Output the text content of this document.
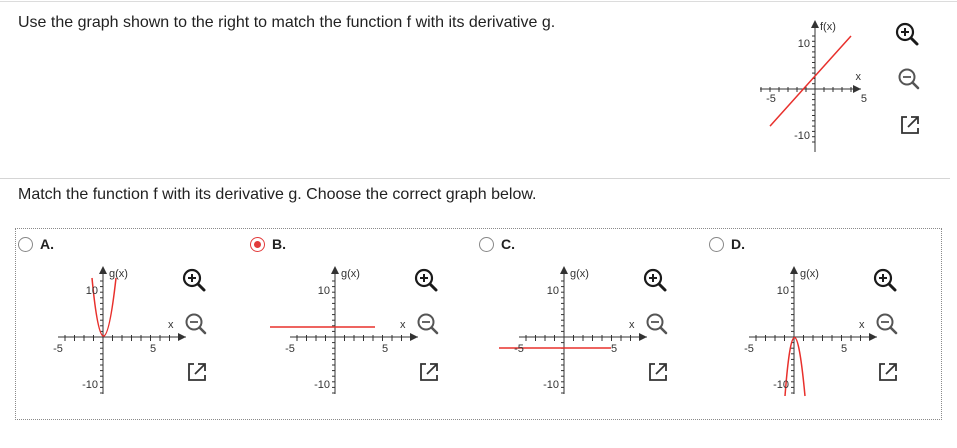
Use the graph shown to the right to match the function f with its derivative g.	f(x)
x
10
-10
-5	5
Match the function f with its derivative g. Choose the correct graph below.
A.
g(x)
x
10
-10
-5	5
B.
g(x)
x
10
-10
-5	5
C.
g(x)
x
10
-10
-5	5
D.
g(x)
x
10
-10
-5	5
